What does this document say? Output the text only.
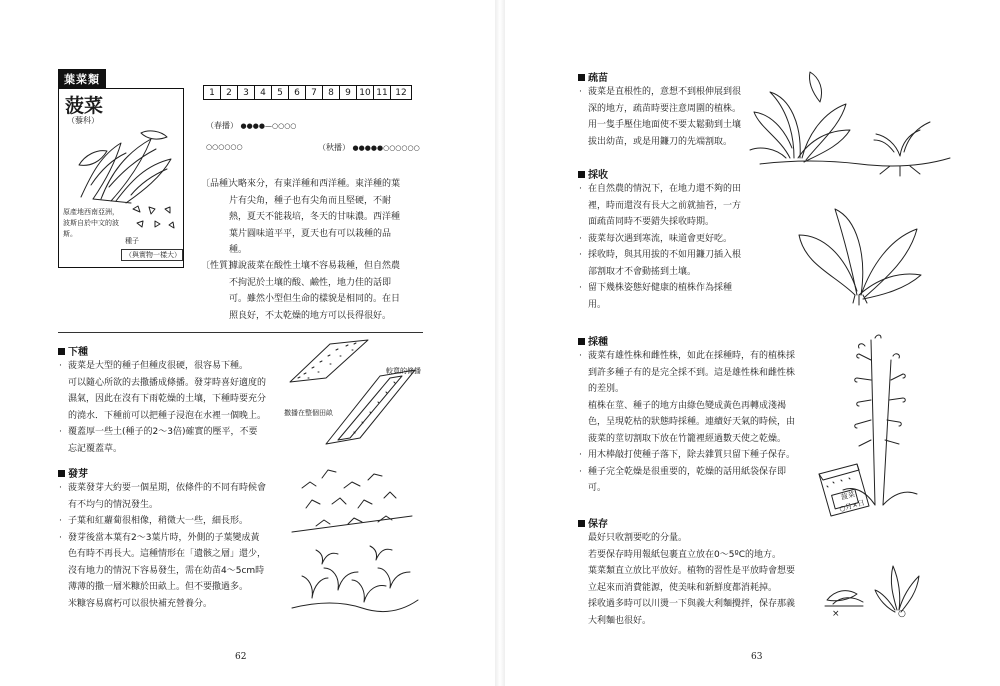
葉菜類
菠菜
（藜科）
原產地西南亞洲，波斯自於中文的波斯。
種子
（與實物一樣大）
1	2	3	4	5	6	7	8	9 10 11 12
（春播） ●●●●—○○○○
○○○○○○	（秋播） ●●●●●○○○○○○
〔品種〕
大略來分，有東洋種和西洋種。東洋種的葉
片有尖角，種子也有尖角而且堅硬，不耐
熱，夏天不能栽培，冬天的甘味濃。西洋種
葉片圓味道平平，夏天也有可以栽種的品
種。
〔性質〕
據說菠菜在酸性土壤不容易栽種，但自然農
不拘泥於土壤的酸、鹼性，地力佳的話即
可。雖然小型但生命的樣貌是相同的。在日
照良好，不太乾燥的地方可以長得很好。
下種
· 菠菜是大型的種子但種皮很硬，很容易下種。
可以隨心所欲的去撒播成條播。發芽時喜好適度的
濕氣，因此在沒有下雨乾燥的土壤，下種時要充分
的澆水．下種前可以把種子浸泡在水裡一個晚上。
· 覆蓋厚一些土(種子的2～3倍)確實的壓平，不要
忘記覆蓋草。
較寬的條播
撒播在整個田畝
發芽
· 菠菜發芽大約要一個星期，依條件的不同有時候會
有不均勻的情況發生。
· 子葉和紅蘿蔔很相像，稍微大一些，細長形。
· 發芽後當本葉有2～3葉片時，外側的子葉變成黃
色有時不再長大。這種情形在「遺骸之層」還少，
沒有地力的情況下容易發生，需在幼苗4～5cm時
薄薄的撒一層米糠於田畝上。但不要撒過多。
米糠容易腐朽可以很快補充營養分。
62
疏苗
· 菠菜是直根性的，意想不到根伸展到很
深的地方，疏苗時要注意周圍的植株。
用一隻手壓住地面使不要太鬆動到土壤
拔出幼苗，或是用鐮刀的先端割取。
採收
· 在自然農的情況下，在地力還不夠的田
裡，時而還沒有長大之前就抽苔，一方
面疏苗同時不要錯失採收時期。
· 菠菜每次遇到寒流，味道會更好吃。
· 採收時，與其用拔的不如用鐮刀插入根
部割取才不會動搖到土壤。
· 留下幾株姿態好健康的植株作為採種
用。
採種
· 菠菜有雄性株和雌性株，如此在採種時，有的植株採
到許多種子有的是完全採不到。這是雄性株和雌性株
的差別。
植株在莖、種子的地方由綠色變成黃色再轉成淺褐
色，呈現乾枯的狀態時採種。連續好天氣的時候，由
菠菜的莖切割取下放在竹籠裡經過數天使之乾燥。
· 用木棒敲打使種子落下，除去雜質只留下種子保存。
· 種子完全乾燥是很重要的，乾燥的話用紙袋保存即
可。
菠菜
○月×日
保存
最好只收割要吃的分量。
若要保存時用報紙包裹直立放在0～5ºC的地方。
葉菜類直立放比平放好。植物的習性是平放時會想要
立起來而消費能源，使美味和新鮮度都消耗掉。
採收過多時可以川燙一下與義大利麵攪拌，保存那義
大利麵也很好。
×	○
63
